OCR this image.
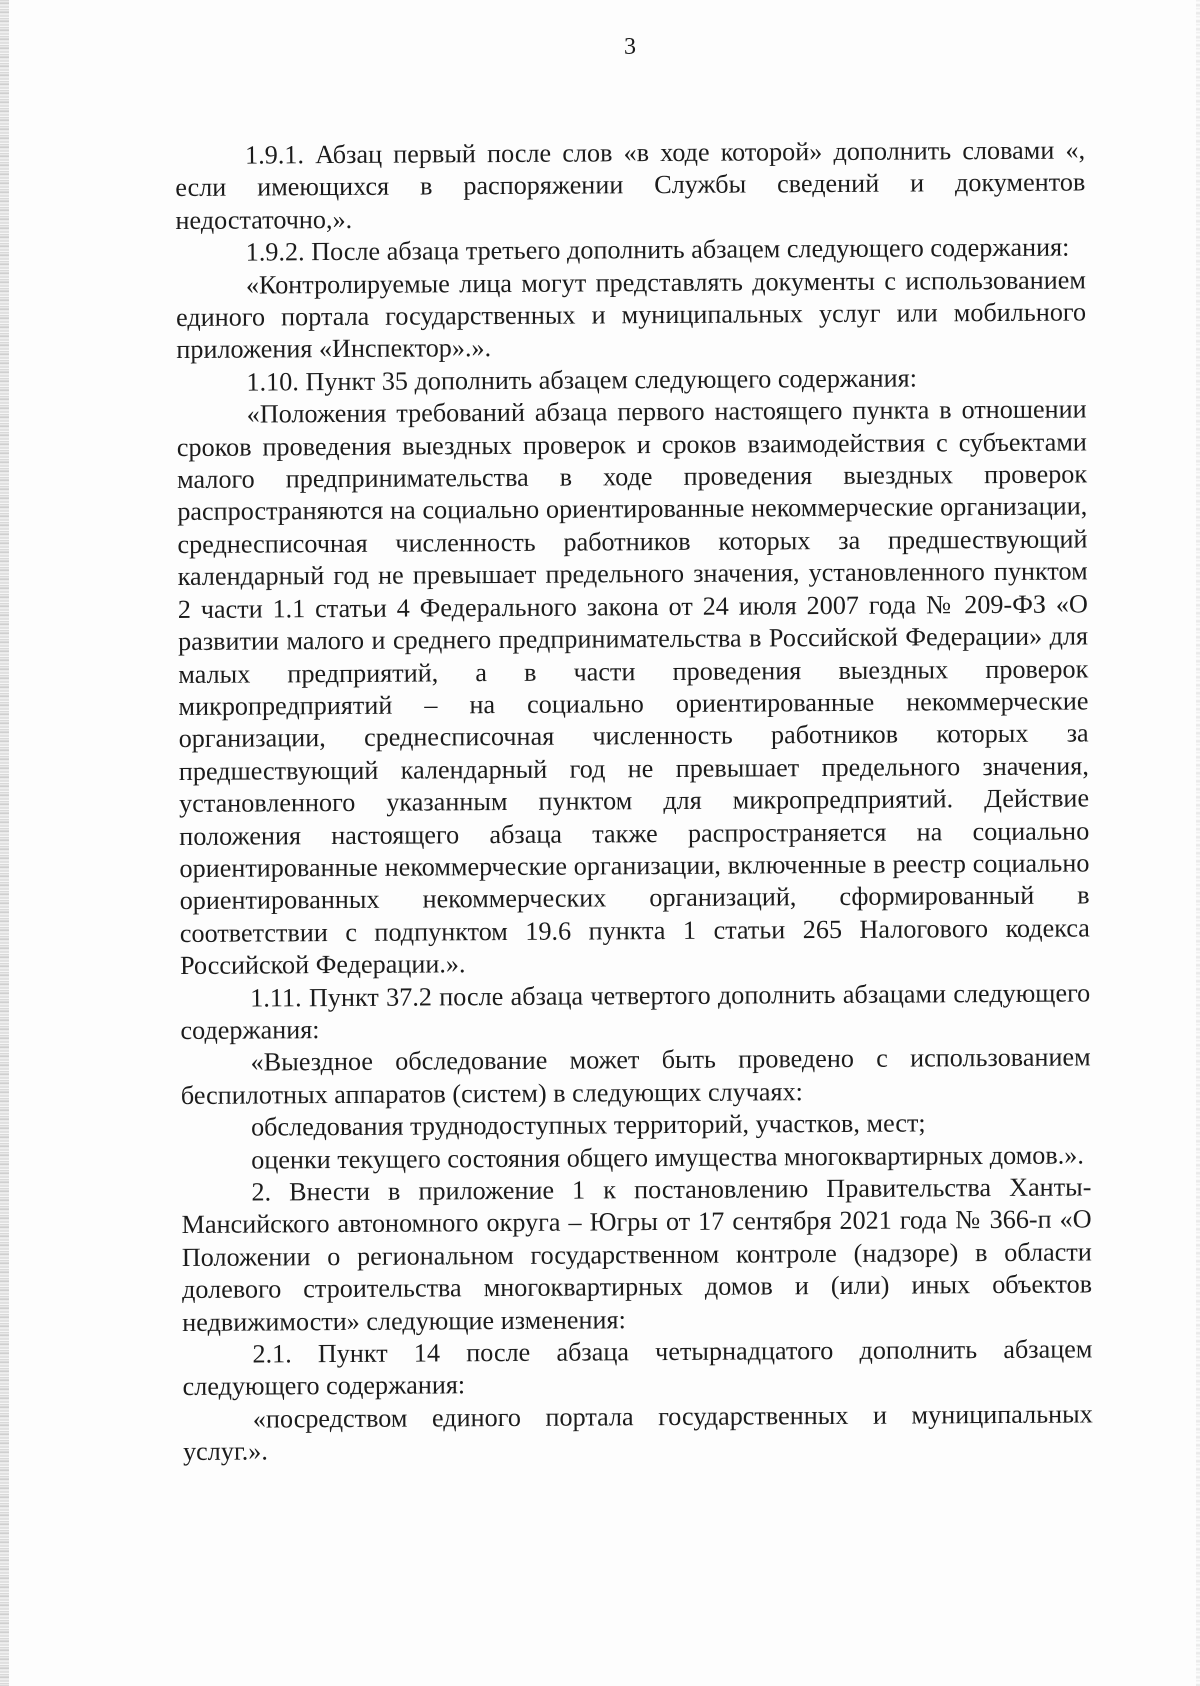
3

1.9.1. Абзац первый после слов «в ходе которой» дополнить словами «, если имеющихся в распоряжении Службы сведений и документов недостаточно,».

1.9.2. После абзаца третьего дополнить абзацем следующего содержания:

«Контролируемые лица могут представлять документы с использованием единого портала государственных и муниципальных услуг или мобильного приложения «Инспектор».».

1.10. Пункт 35 дополнить абзацем следующего содержания:

«Положения требований абзаца первого настоящего пункта в отношении сроков проведения выездных проверок и сроков взаимодействия с субъектами малого предпринимательства в ходе проведения выездных проверок распространяются на социально ориентированные некоммерческие организации, среднесписочная численность работников которых за предшествующий календарный год не превышает предельного значения, установленного пунктом 2 части 1.1 статьи 4 Федерального закона от 24 июля 2007 года № 209-ФЗ «О развитии малого и среднего предпринимательства в Российской Федерации» для малых предприятий, а в части проведения выездных проверок микропредприятий – на социально ориентированные некоммерческие организации, среднесписочная численность работников которых за предшествующий календарный год не превышает предельного значения, установленного указанным пунктом для микропредприятий. Действие положения настоящего абзаца также распространяется на социально ориентированные некоммерческие организации, включенные в реестр социально ориентированных некоммерческих организаций, сформированный в соответствии с подпунктом 19.6 пункта 1 статьи 265 Налогового кодекса Российской Федерации.».

1.11. Пункт 37.2 после абзаца четвертого дополнить абзацами следующего содержания:

«Выездное обследование может быть проведено с использованием беспилотных аппаратов (систем) в следующих случаях:

обследования труднодоступных территорий, участков, мест;

оценки текущего состояния общего имущества многоквартирных домов.».

2. Внести в приложение 1 к постановлению Правительства Ханты-Мансийского автономного округа – Югры от 17 сентября 2021 года № 366-п «О Положении о региональном государственном контроле (надзоре) в области долевого строительства многоквартирных домов и (или) иных объектов недвижимости» следующие изменения:

2.1. Пункт 14 после абзаца четырнадцатого дополнить абзацем следующего содержания:

«посредством единого портала государственных и муниципальных услуг.».
